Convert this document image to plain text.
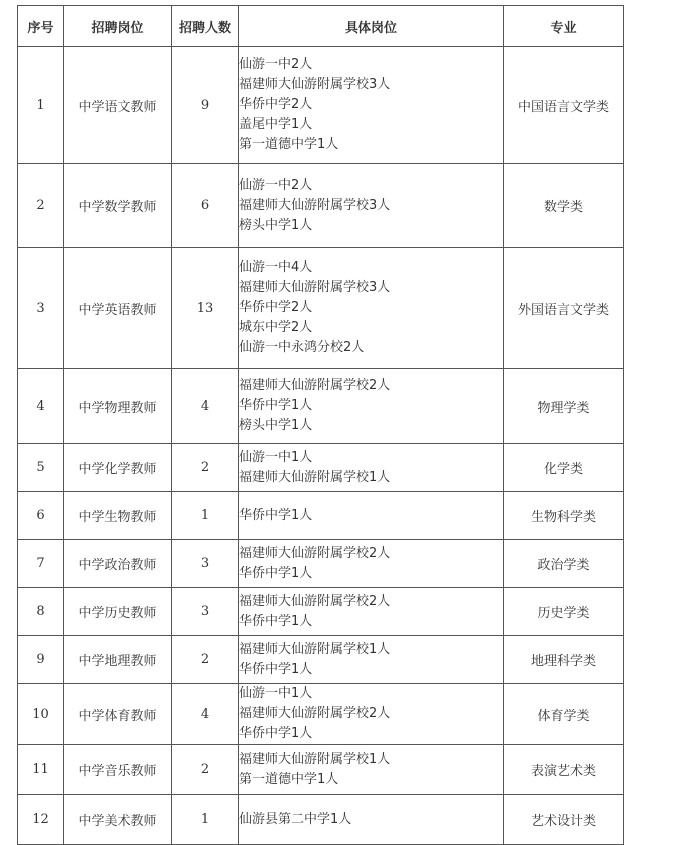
序号	招聘岗位	招聘人数	具体岗位	专业
1	中学语文教师	9	仙游一中2人
福建师大仙游附属学校3人
华侨中学2人
盖尾中学1人
第一道德中学1人	中国语言文学类
2	中学数学教师	6	仙游一中2人
福建师大仙游附属学校3人
榜头中学1人	数学类
3	中学英语教师	13	仙游一中4人
福建师大仙游附属学校3人
华侨中学2人
城东中学2人
仙游一中永鸿分校2人	外国语言文学类
4	中学物理教师	4	福建师大仙游附属学校2人
华侨中学1人
榜头中学1人	物理学类
5	中学化学教师	2	仙游一中1人
福建师大仙游附属学校1人	化学类
6	中学生物教师	1	华侨中学1人	生物科学类
7	中学政治教师	3	福建师大仙游附属学校2人
华侨中学1人	政治学类
8	中学历史教师	3	福建师大仙游附属学校2人
华侨中学1人	历史学类
9	中学地理教师	2	福建师大仙游附属学校1人
华侨中学1人	地理科学类
10	中学体育教师	4	仙游一中1人
福建师大仙游附属学校2人
华侨中学1人	体育学类
11	中学音乐教师	2	福建师大仙游附属学校1人
第一道德中学1人	表演艺术类
12	中学美术教师	1	仙游县第二中学1人	艺术设计类
